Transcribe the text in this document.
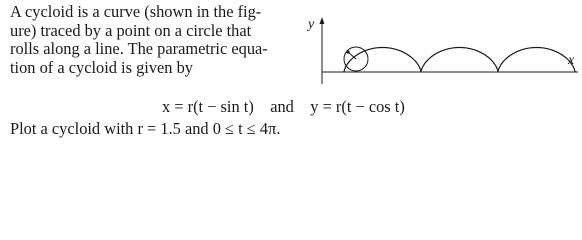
A cycloid is a curve (shown in the fig-
ure) traced by a point on a circle that
rolls along a line. The parametric equa-
tion of a cycloid is given by
y
x
x = r(t − sin t) and y = r(t − cos t)
Plot a cycloid with r = 1.5 and 0 ≤ t ≤ 4π.
